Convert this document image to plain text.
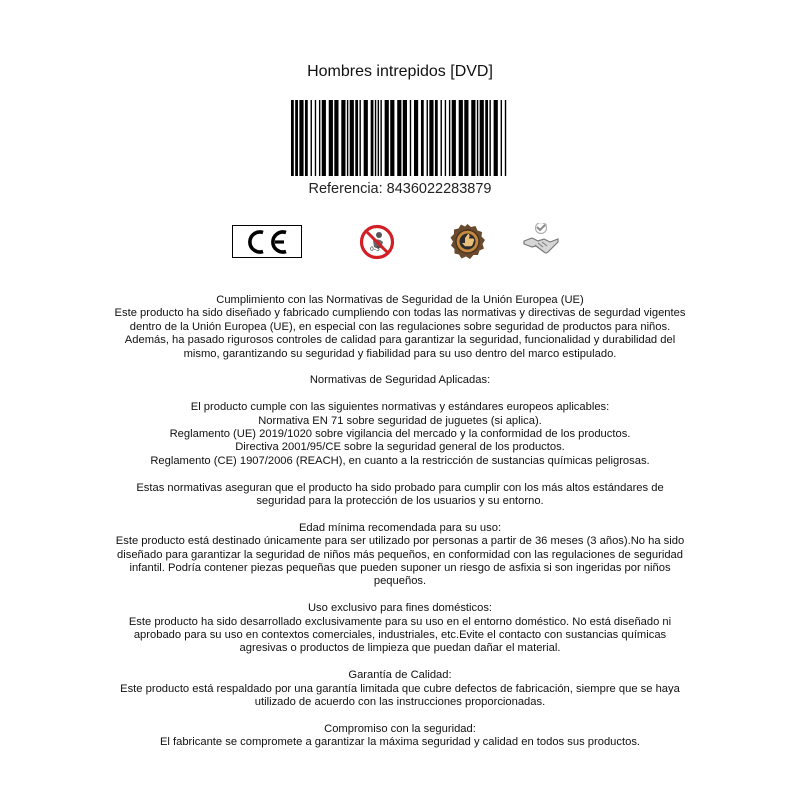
Hombres intrepidos [DVD]
Referencia: 8436022283879
0-3

Cumplimiento con las Normativas de Seguridad de la Unión Europea (UE)

Este producto ha sido diseñado y fabricado cumpliendo con todas las normativas y directivas de segurdad vigentes dentro de la Unión Europea (UE), en especial con las regulaciones sobre seguridad de productos para niños. Además, ha pasado rigurosos controles de calidad para garantizar la seguridad, funcionalidad y durabilidad del mismo, garantizando su seguridad y fiabilidad para su uso dentro del marco estipulado.

Normativas de Seguridad Aplicadas:

El producto cumple con las siguientes normativas y estándares europeos aplicables:

Normativa EN 71 sobre seguridad de juguetes (si aplica).

Reglamento (UE) 2019/1020 sobre vigilancia del mercado y la conformidad de los productos.

Directiva 2001/95/CE sobre la seguridad general de los productos.

Reglamento (CE) 1907/2006 (REACH), en cuanto a la restricción de sustancias químicas peligrosas.

Estas normativas aseguran que el producto ha sido probado para cumplir con los más altos estándares de seguridad para la protección de los usuarios y su entorno.

Edad mínima recomendada para su uso:

Este producto está destinado únicamente para ser utilizado por personas a partir de 36 meses (3 años).No ha sido diseñado para garantizar la seguridad de niños más pequeños, en conformidad con las regulaciones de seguridad infantil. Podría contener piezas pequeñas que pueden suponer un riesgo de asfixia si son ingeridas por niños pequeños.

Uso exclusivo para fines domésticos:

Este producto ha sido desarrollado exclusivamente para su uso en el entorno doméstico. No está diseñado ni aprobado para su uso en contextos comerciales, industriales, etc.Evite el contacto con sustancias químicas agresivas o productos de limpieza que puedan dañar el material.

Garantía de Calidad:

Este producto está respaldado por una garantía limitada que cubre defectos de fabricación, siempre que se haya utilizado de acuerdo con las instrucciones proporcionadas.

Compromiso con la seguridad:

El fabricante se compromete a garantizar la máxima seguridad y calidad en todos sus productos.
